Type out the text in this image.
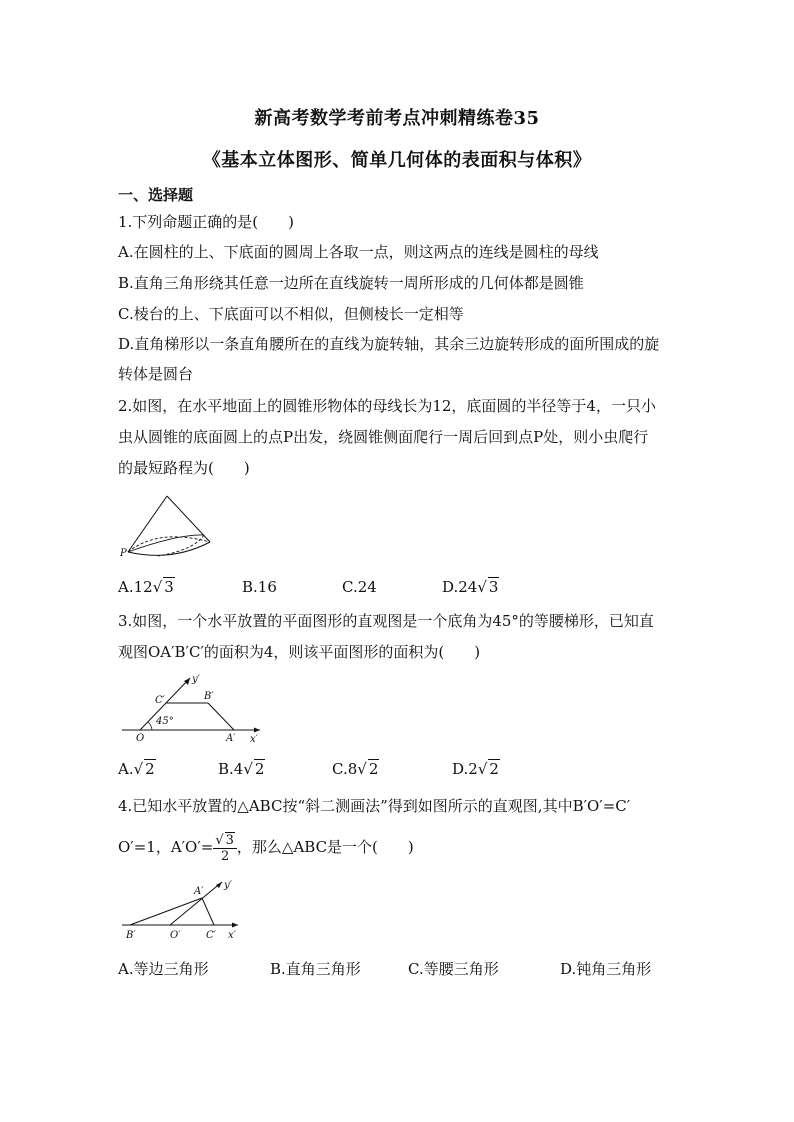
新高考数学考前考点冲刺精练卷35
《基本立体图形、简单几何体的表面积与体积》
一、选择题
1.下列命题正确的是(　　)
A.在圆柱的上、下底面的圆周上各取一点，则这两点的连线是圆柱的母线
B.直角三角形绕其任意一边所在直线旋转一周所形成的几何体都是圆锥
C.棱台的上、下底面可以不相似，但侧棱长一定相等
D.直角梯形以一条直角腰所在的直线为旋转轴，其余三边旋转形成的面所围成的旋
转体是圆台
2.如图，在水平地面上的圆锥形物体的母线长为12，底面圆的半径等于4，一只小
虫从圆锥的底面圆上的点P出发，绕圆锥侧面爬行一周后回到点P处，则小虫爬行
的最短路程为(　　)
P
A.12√ 3	B.16	C.24	D.24√ 3
3.如图，一个水平放置的平面图形的直观图是一个底角为45°的等腰梯形，已知直
观图OA′B′C′的面积为4，则该平面图形的面积为(　　)
y′
C′	B′
45°
O	A′ x′
A.√ 2	B.4√ 2	C.8√ 2	D.2√ 2
4.已知水平放置的△ABC按“斜二测画法”得到如图所示的直观图,其中B′O′=C′
O′=1，$A'O'= \frac{√ 3}{2}$ ，那么△ABC是一个(　　)
A′
y′
B′	O′	C′ x′
A.等边三角形	B.直角三角形	C.等腰三角形	D.钝角三角形
